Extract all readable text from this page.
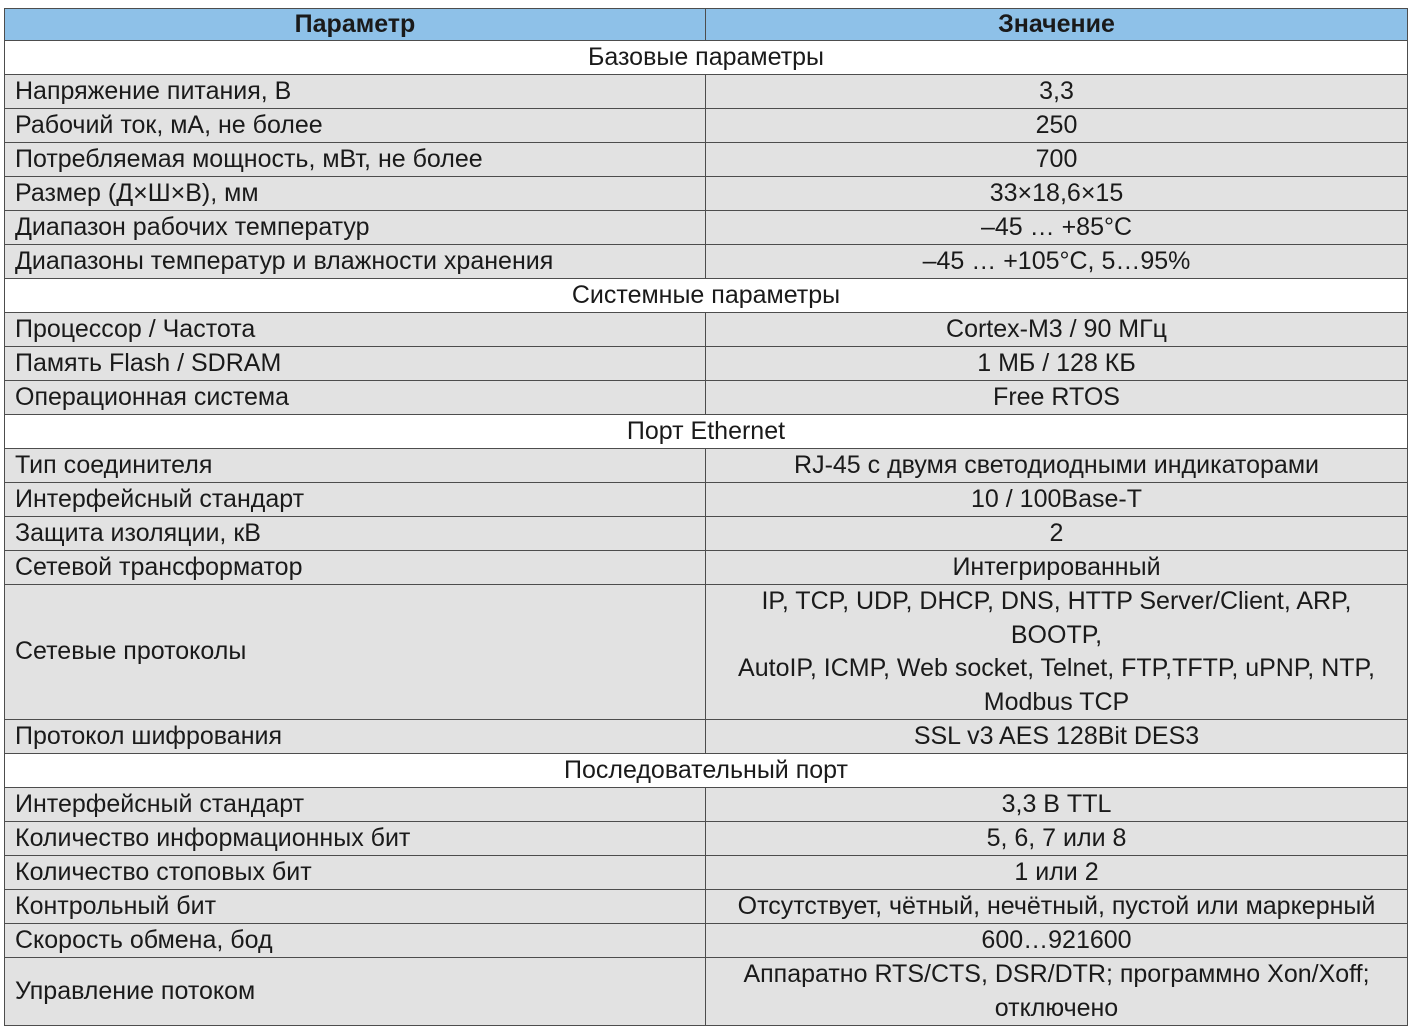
Параметр	Значение
Базовые параметры	
Напряжение питания, В	3,3
Рабочий ток, мА, не более	250
Потребляемая мощность, мВт, не более	700
Размер (Д×Ш×В), мм	33×18,6×15
Диапазон рабочих температур	–45 … +85°С
Диапазоны температур и влажности хранения	–45 … +105°С, 5…95%
Системные параметры	
Процессор / Частота	Cortex-M3 / 90 МГц
Память Flash / SDRAM	1 МБ / 128 КБ
Операционная система	Free RTOS
Порт Ethernet	
Тип соединителя	RJ-45 с двумя светодиодными индикаторами
Интерфейсный стандарт	10 / 100Base-T
Защита изоляции, кВ	2
Сетевой трансформатор	Интегрированный
Сетевые протоколы	IP, TCP, UDP, DHCP, DNS, HTTP Server/Client, ARP, BOOTP,
AutoIP, ICMP, Web socket, Telnet, FTP,TFTP, uPNP, NTP,
Modbus TCP

Протокол шифрования	SSL v3 AES 128Bit DES3
Последовательный порт	
Интерфейсный стандарт	3,3 В TTL
Количество информационных бит	5, 6, 7 или 8
Количество стоповых бит	1 или 2
Контрольный бит	Отсутствует, чётный, нечётный, пустой или маркерный
Скорость обмена, бод	600…921600
Управление потоком	Аппаратно RTS/CTS, DSR/DTR; программно Xon/Xoff;
отключено
